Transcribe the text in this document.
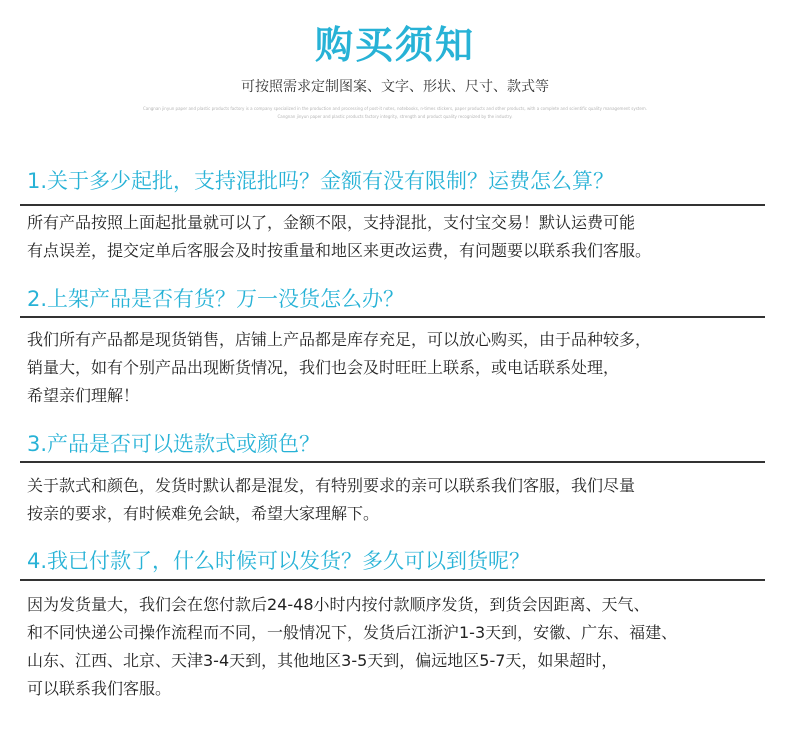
购买须知
可按照需求定制图案、文字、形状、尺寸、款式等
Cangnan jinyun paper and plastic products factory is a company specialized in the production and processing of post-it notes, notebooks, n-times stickers, paper products and other products, with a complete and scientific quality management system.
Cangnan jinyun paper and plastic products factory integrity, strength and product quality recognized by the industry.
1.关于多少起批，支持混批吗？金额有没有限制？运费怎么算？
所有产品按照上面起批量就可以了，金额不限，支持混批，支付宝交易！默认运费可能
有点误差，提交定单后客服会及时按重量和地区来更改运费，有问题要以联系我们客服。
2.上架产品是否有货？万一没货怎么办？
我们所有产品都是现货销售，店铺上产品都是库存充足，可以放心购买，由于品种较多，
销量大，如有个别产品出现断货情况，我们也会及时旺旺上联系，或电话联系处理，
希望亲们理解！
3.产品是否可以选款式或颜色？
关于款式和颜色，发货时默认都是混发，有特别要求的亲可以联系我们客服，我们尽量
按亲的要求，有时候难免会缺，希望大家理解下。
4.我已付款了，什么时候可以发货？多久可以到货呢？
因为发货量大，我们会在您付款后24-48小时内按付款顺序发货，到货会因距离、天气、
和不同快递公司操作流程而不同，一般情况下，发货后江浙沪1-3天到，安徽、广东、福建、
山东、江西、北京、天津3-4天到，其他地区3-5天到，偏远地区5-7天，如果超时，
可以联系我们客服。
